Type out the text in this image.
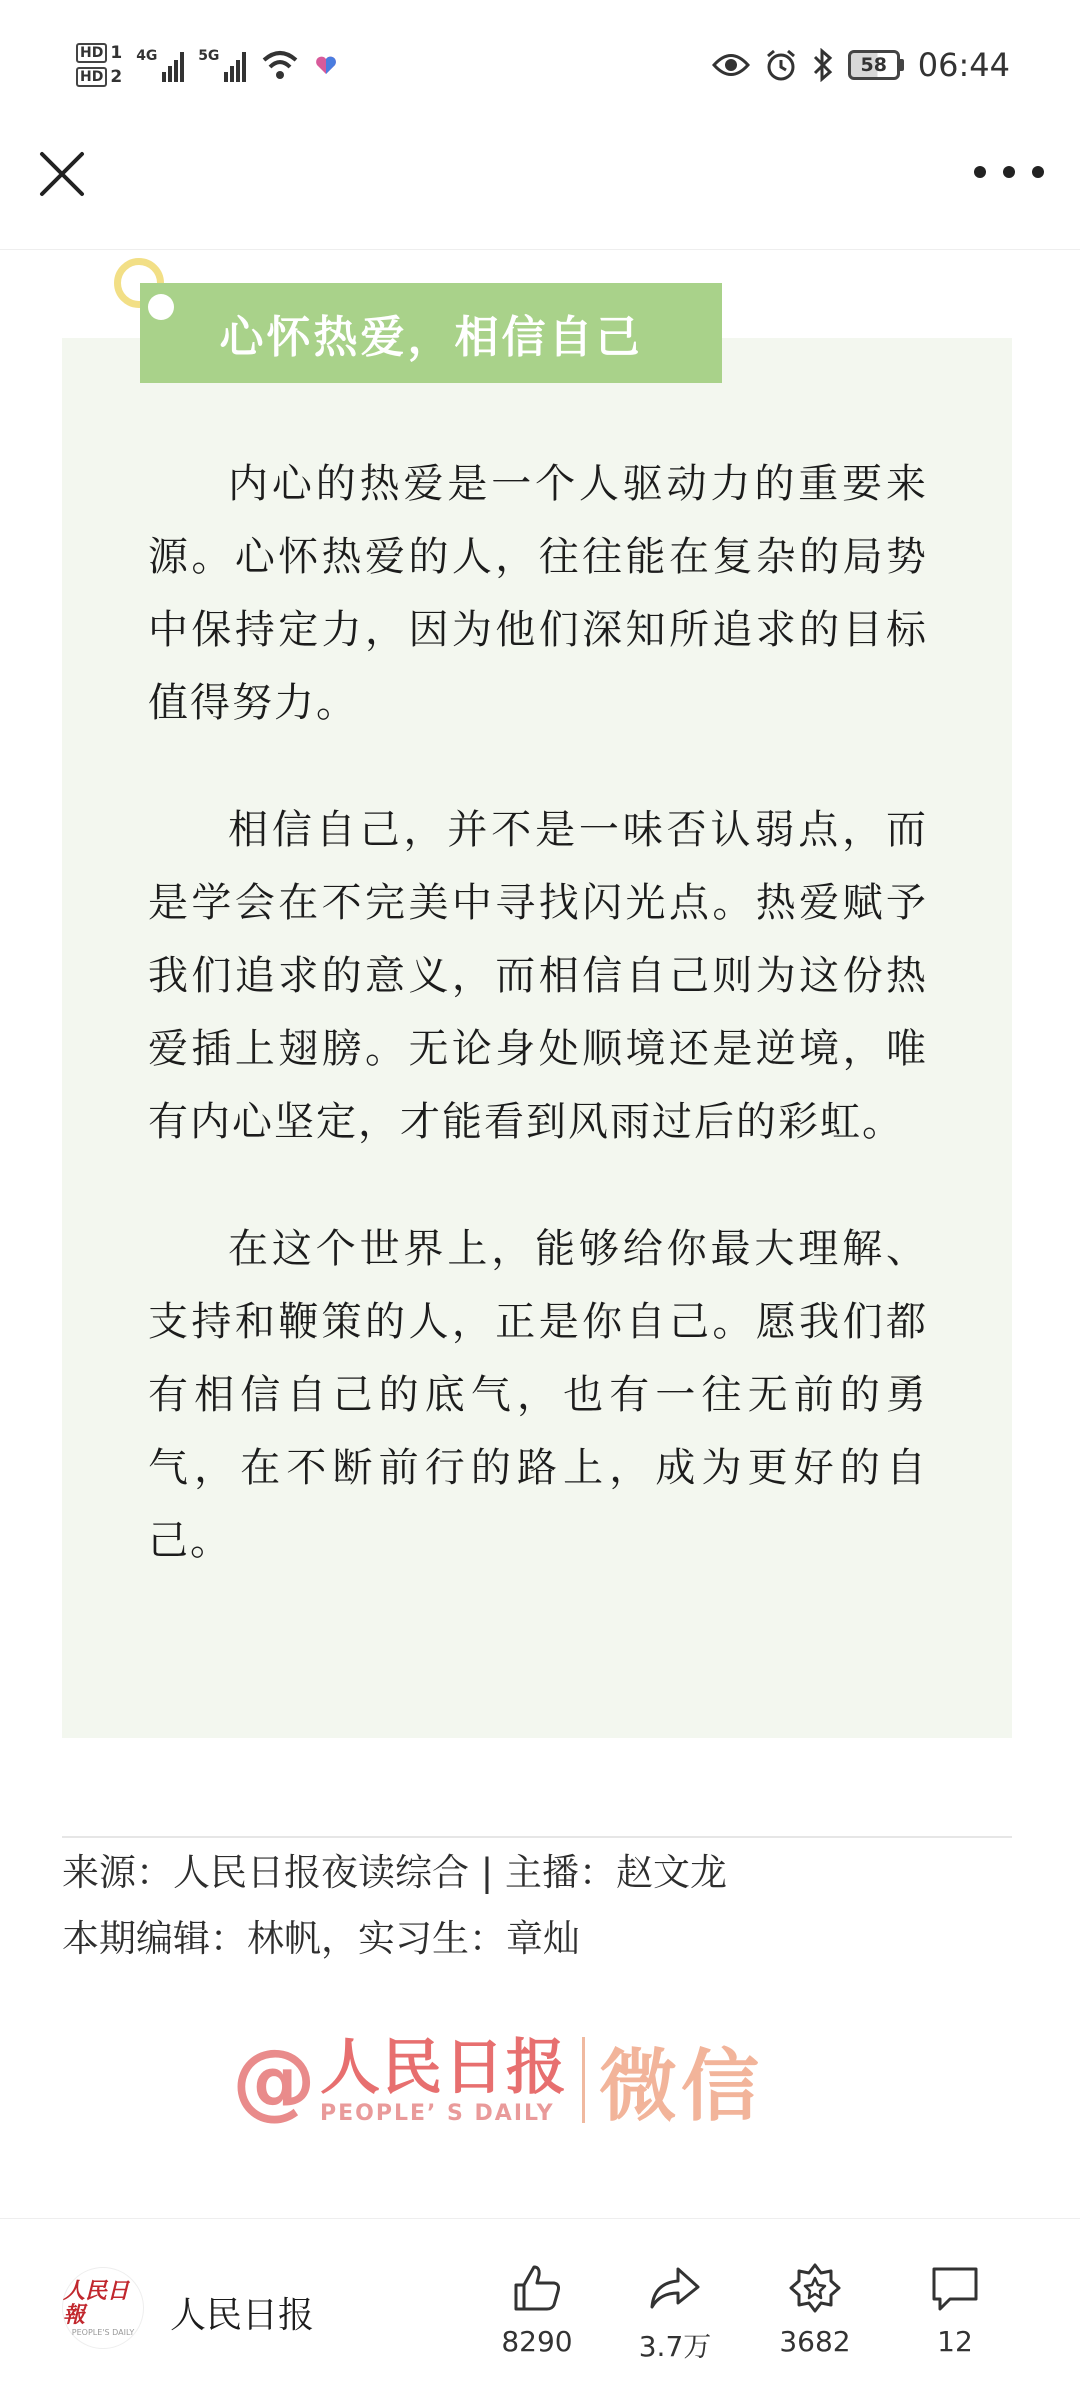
HD 1
HD 2
4G	5G	58 06:44
心怀热爱，相信自己

内心的热爱是一个人驱动力的重要来源。心怀热爱的人，往往能在复杂的局势中保持定力，因为他们深知所追求的目标值得努力。

相信自己，并不是一味否认弱点，而是学会在不完美中寻找闪光点。热爱赋予我们追求的意义，而相信自己则为这份热爱插上翅膀。无论身处顺境还是逆境，唯有内心坚定，才能看到风雨过后的彩虹。

在这个世界上，能够给你最大理解、支持和鞭策的人，正是你自己。愿我们都有相信自己的底气，也有一往无前的勇气，在不断前行的路上，成为更好的自己。

来源：人民日报夜读综合 | 主播：赵文龙
本期编辑：林帆，实习生：章灿
@ 人民日报
PEOPLE’ S DAILY 微信
人民日報
PEOPLE'S DAILY 人民日报
8290 3.7万 3682	12
